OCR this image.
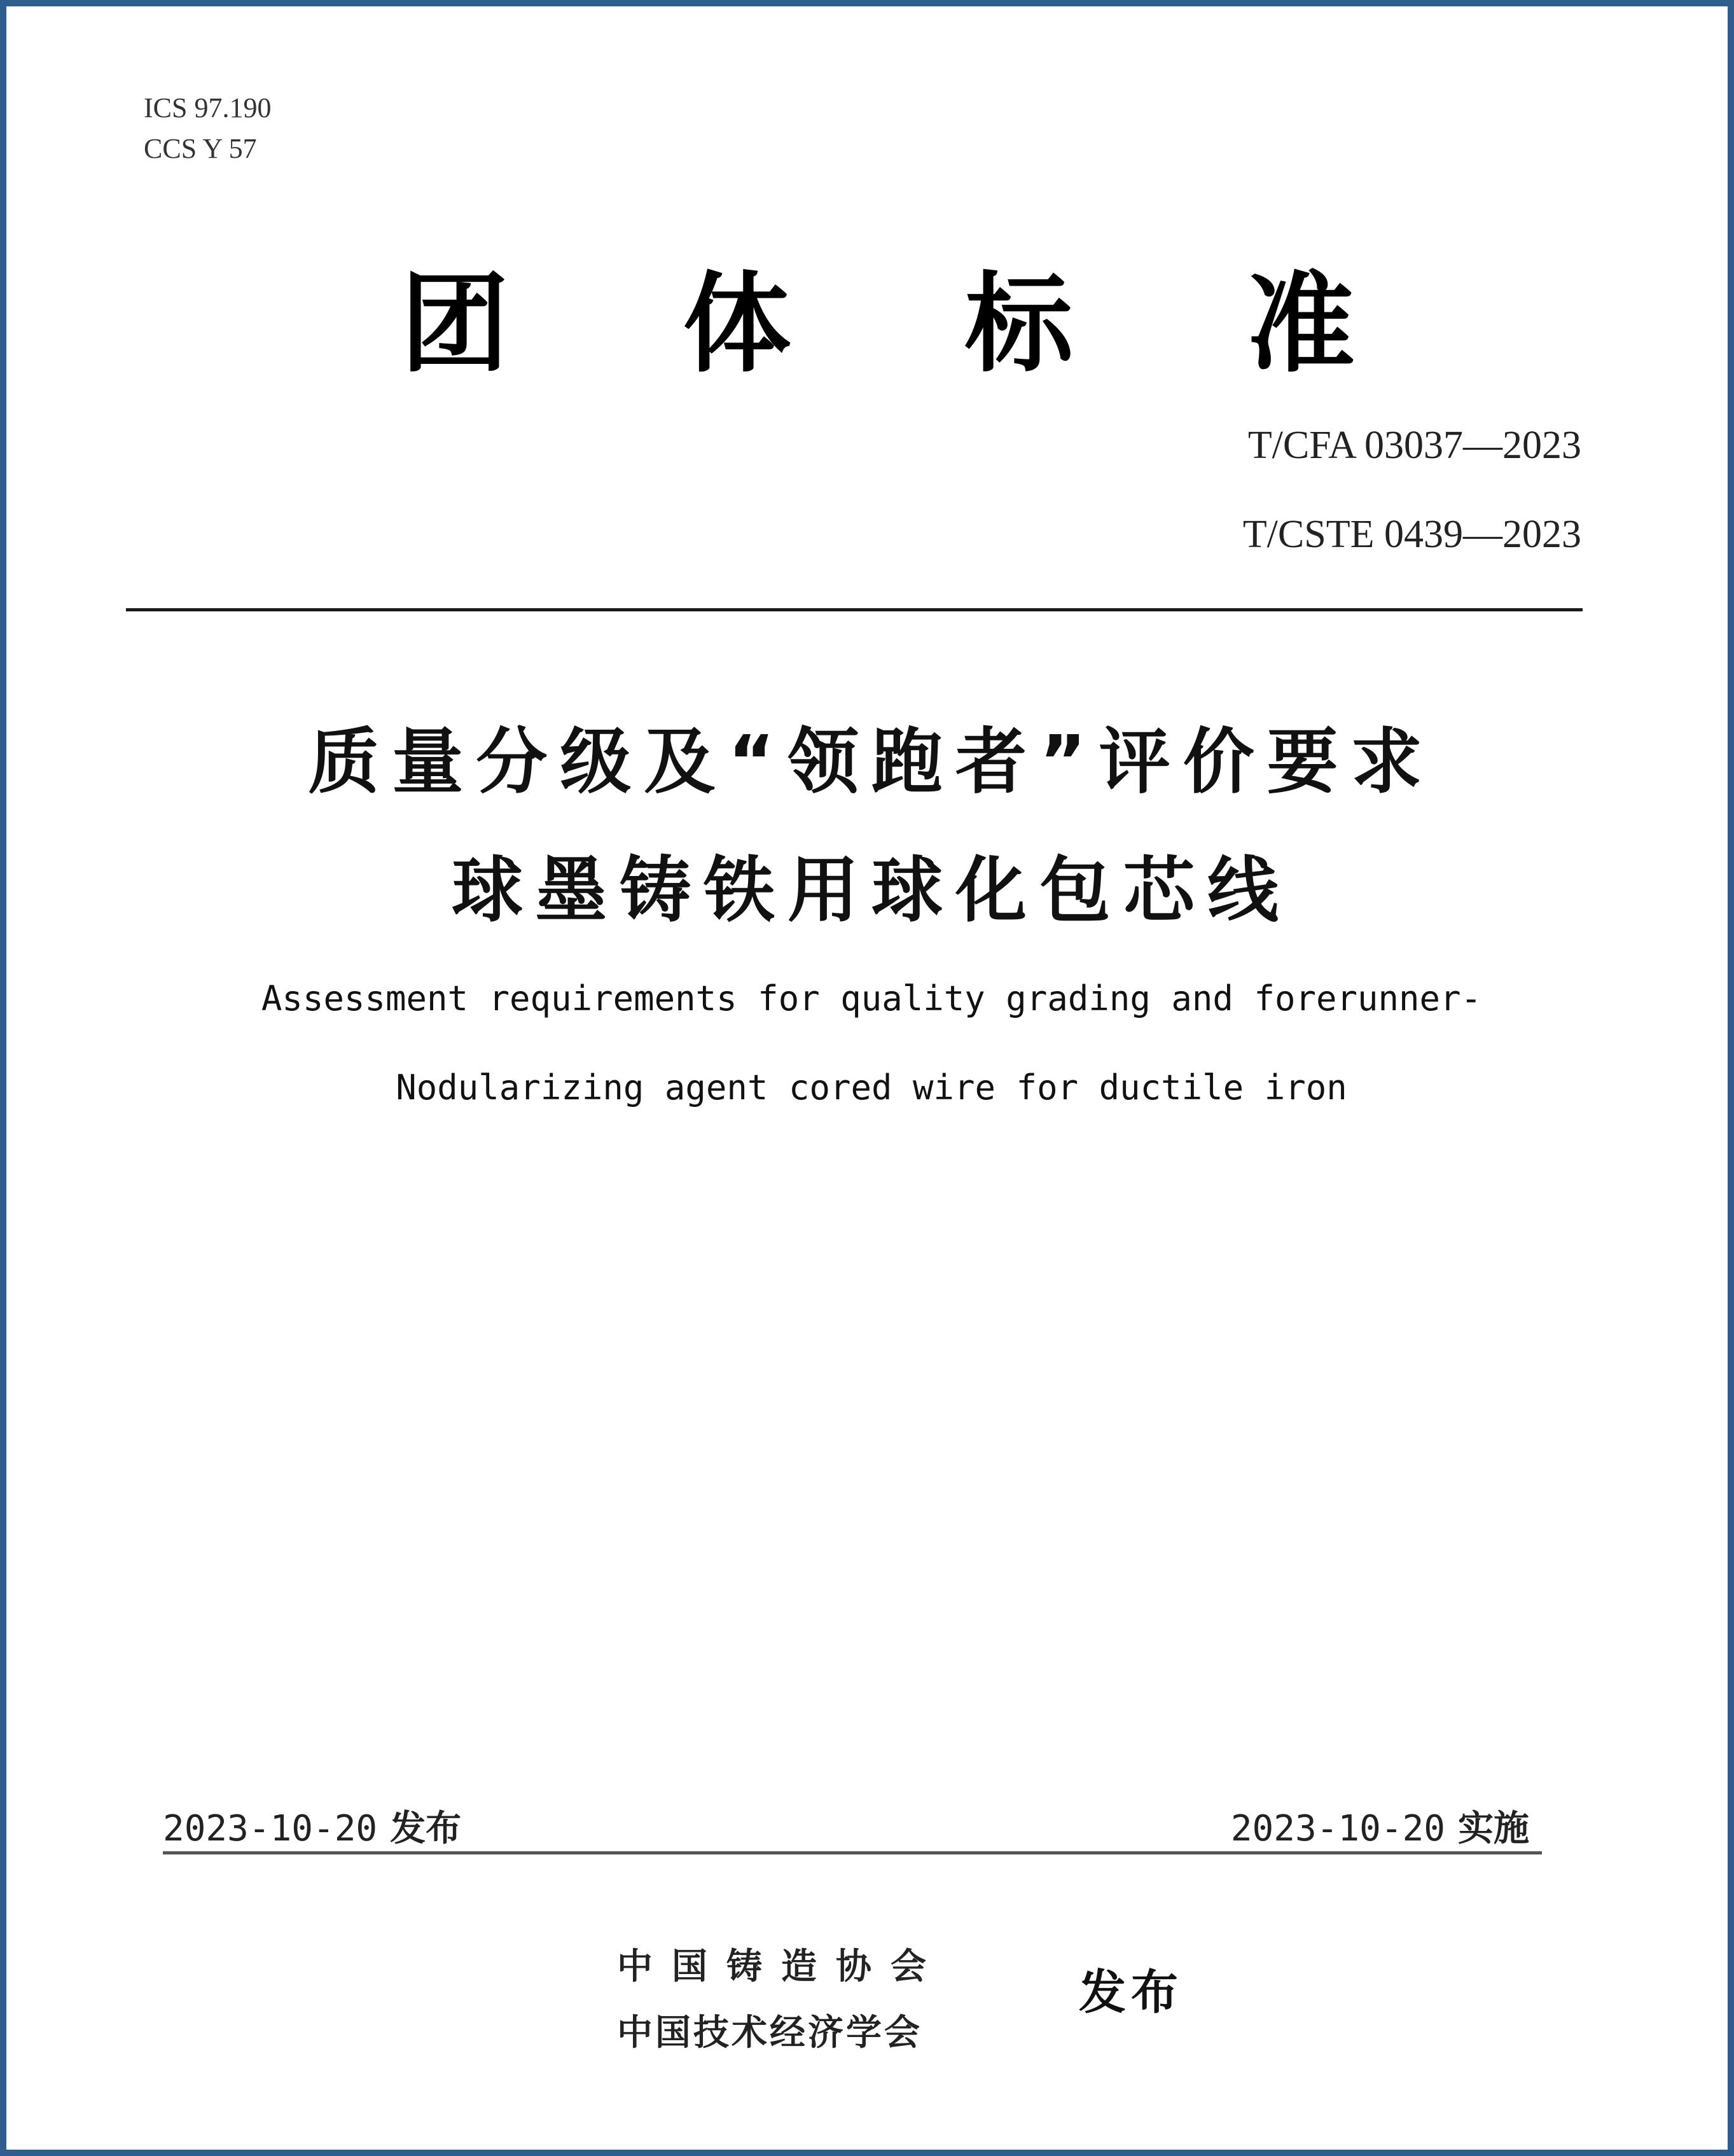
ICS 97.190
CCS Y 57
团 体 标 准
T/CFA 03037—2023
T/CSTE 0439—2023
质量分级及“领跑者”评价要求
球墨铸铁用球化包芯线
Assessment requirements for quality grading and forerunner-
Nodularizing agent cored wire for ductile iron
2023-10-20 发布	2023-10-20 实施
中国铸造协会
中国技术经济学会
发布
